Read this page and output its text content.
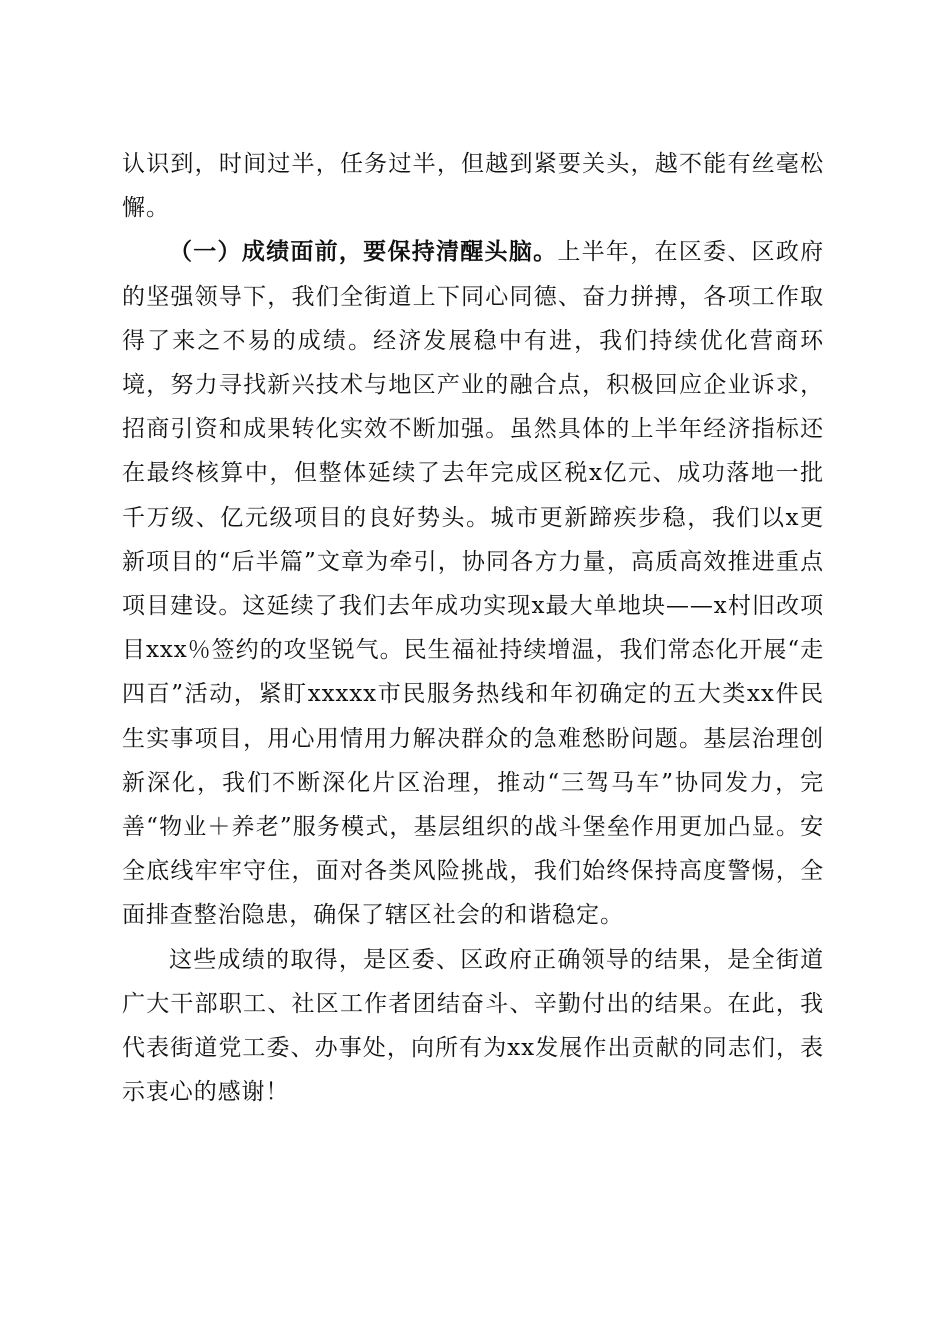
认识到，时间过半，任务过半，但越到紧要关头，越不能有丝毫松懈。

（一）成绩面前，要保持清醒头脑。上半年，在区委、区政府的坚强领导下，我们全街道上下同心同德、奋力拼搏，各项工作取得了来之不易的成绩。经济发展稳中有进，我们持续优化营商环境，努力寻找新兴技术与地区产业的融合点，积极回应企业诉求，招商引资和成果转化实效不断加强。虽然具体的上半年经济指标还在最终核算中，但整体延续了去年完成区税x亿元、成功落地一批千万级、亿元级项目的良好势头。城市更新蹄疾步稳，我们以x更新项目的“后半篇”文章为牵引，协同各方力量，高质高效推进重点项目建设。这延续了我们去年成功实现x最大单地块——x村旧改项目xxx％签约的攻坚锐气。民生福祉持续增温，我们常态化开展“走四百”活动，紧盯xxxxx市民服务热线和年初确定的五大类xx件民生实事项目，用心用情用力解决群众的急难愁盼问题。基层治理创新深化，我们不断深化片区治理，推动“三驾马车”协同发力，完善“物业＋养老”服务模式，基层组织的战斗堡垒作用更加凸显。安全底线牢牢守住，面对各类风险挑战，我们始终保持高度警惕，全面排查整治隐患，确保了辖区社会的和谐稳定。

这些成绩的取得，是区委、区政府正确领导的结果，是全街道广大干部职工、社区工作者团结奋斗、辛勤付出的结果。在此，我代表街道党工委、办事处，向所有为xx发展作出贡献的同志们，表示衷心的感谢！
